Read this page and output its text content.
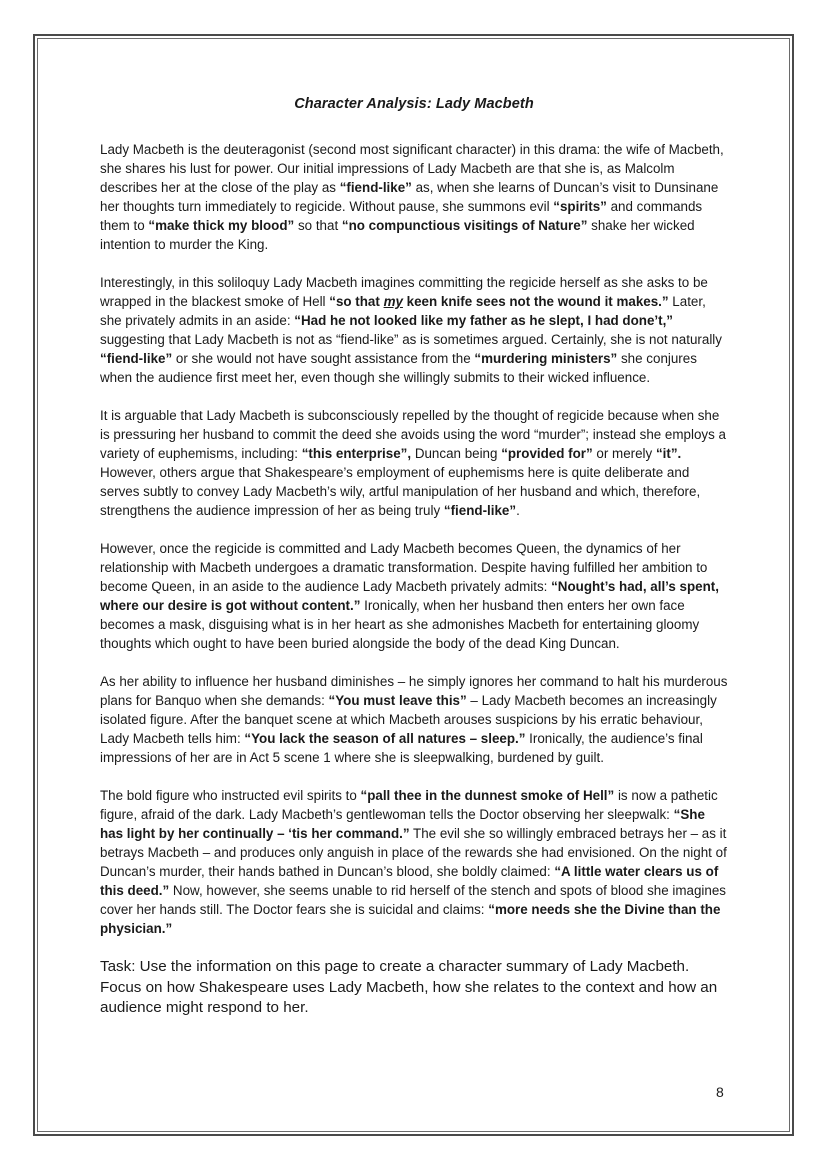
Character Analysis: Lady Macbeth

Lady Macbeth is the deuteragonist (second most significant character) in this drama: the wife of Macbeth, she shares his lust for power. Our initial impressions of Lady Macbeth are that she is, as Malcolm describes her at the close of the play as “fiend-like” as, when she learns of Duncan’s visit to Dunsinane her thoughts turn immediately to regicide. Without pause, she summons evil “spirits” and commands them to “make thick my blood” so that “no compunctious visitings of Nature” shake her wicked intention to murder the King.

Interestingly, in this soliloquy Lady Macbeth imagines committing the regicide herself as she asks to be wrapped in the blackest smoke of Hell “so that my keen knife sees not the wound it makes.” Later, she privately admits in an aside: “Had he not looked like my father as he slept, I had done’t,” suggesting that Lady Macbeth is not as “fiend-like” as is sometimes argued. Certainly, she is not naturally “fiend-like” or she would not have sought assistance from the “murdering ministers” she conjures when the audience first meet her, even though she willingly submits to their wicked influence.

It is arguable that Lady Macbeth is subconsciously repelled by the thought of regicide because when she is pressuring her husband to commit the deed she avoids using the word “murder”; instead she employs a variety of euphemisms, including: “this enterprise”, Duncan being “provided for” or merely “it”. However, others argue that Shakespeare’s employment of euphemisms here is quite deliberate and serves subtly to convey Lady Macbeth’s wily, artful manipulation of her husband and which, therefore, strengthens the audience impression of her as being truly “fiend-like”.

However, once the regicide is committed and Lady Macbeth becomes Queen, the dynamics of her relationship with Macbeth undergoes a dramatic transformation. Despite having fulfilled her ambition to become Queen, in an aside to the audience Lady Macbeth privately admits: “Nought’s had, all’s spent, where our desire is got without content.” Ironically, when her husband then enters her own face becomes a mask, disguising what is in her heart as she admonishes Macbeth for entertaining gloomy thoughts which ought to have been buried alongside the body of the dead King Duncan.

As her ability to influence her husband diminishes – he simply ignores her command to halt his murderous plans for Banquo when she demands: “You must leave this” – Lady Macbeth becomes an increasingly isolated figure. After the banquet scene at which Macbeth arouses suspicions by his erratic behaviour, Lady Macbeth tells him: “You lack the season of all natures – sleep.” Ironically, the audience’s final impressions of her are in Act 5 scene 1 where she is sleepwalking, burdened by guilt.

The bold figure who instructed evil spirits to “pall thee in the dunnest smoke of Hell” is now a pathetic figure, afraid of the dark. Lady Macbeth’s gentlewoman tells the Doctor observing her sleepwalk: “She has light by her continually – ‘tis her command.” The evil she so willingly embraced betrays her – as it betrays Macbeth – and produces only anguish in place of the rewards she had envisioned. On the night of Duncan’s murder, their hands bathed in Duncan’s blood, she boldly claimed: “A little water clears us of this deed.” Now, however, she seems unable to rid herself of the stench and spots of blood she imagines cover her hands still. The Doctor fears she is suicidal and claims: “more needs she the Divine than the physician.”

Task: Use the information on this page to create a character summary of Lady Macbeth. Focus on how Shakespeare uses Lady Macbeth, how she relates to the context and how an audience might respond to her.

8
